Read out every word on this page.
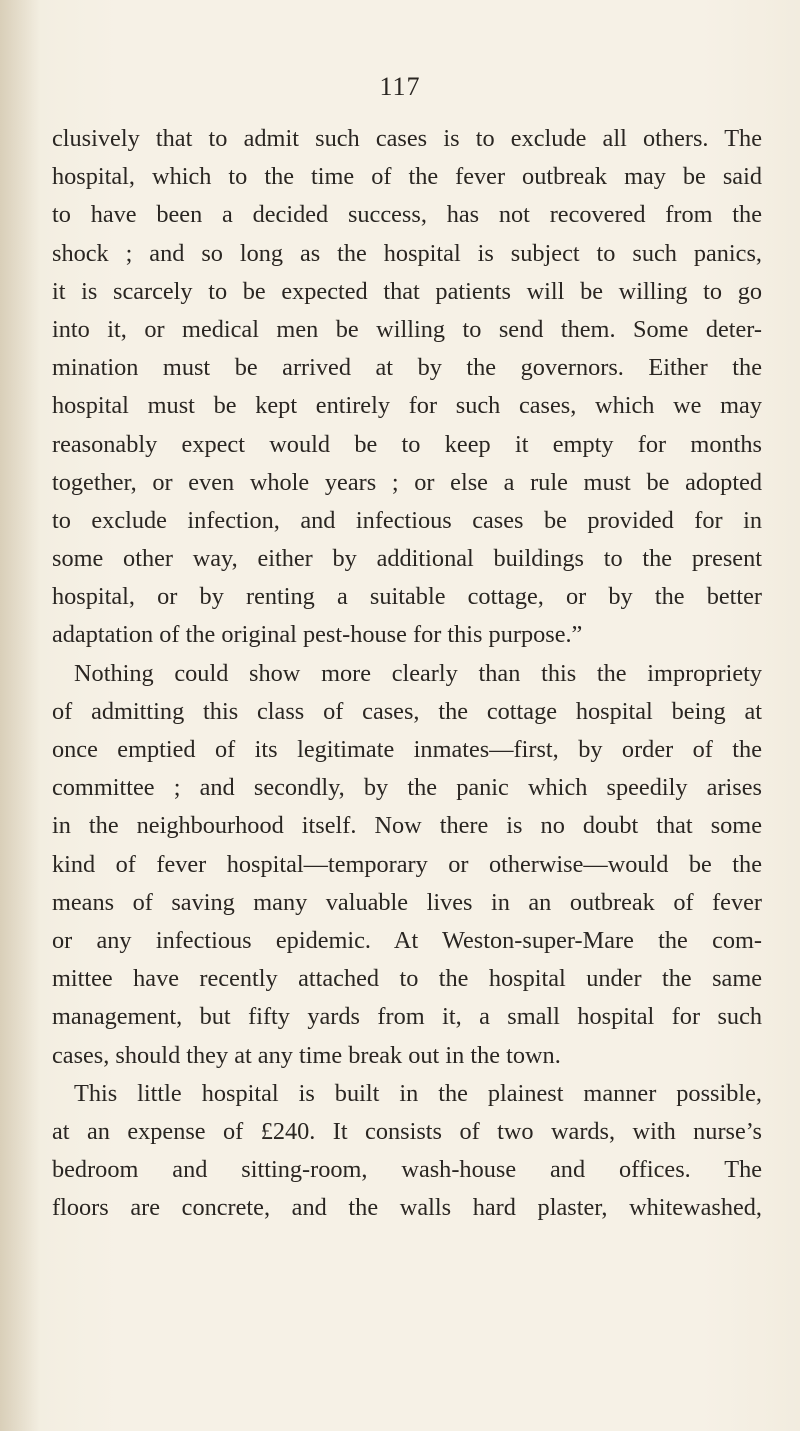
117
clusively that to admit such cases is to exclude all others. The
hospital, which to the time of the fever outbreak may be said
to have been a decided success, has not recovered from the
shock ; and so long as the hospital is subject to such panics,
it is scarcely to be expected that patients will be willing to go
into it, or medical men be willing to send them. Some deter-
mination must be arrived at by the governors. Either the
hospital must be kept entirely for such cases, which we may
reasonably expect would be to keep it empty for months
together, or even whole years ; or else a rule must be adopted
to exclude infection, and infectious cases be provided for in
some other way, either by additional buildings to the present
hospital, or by renting a suitable cottage, or by the better
adaptation of the original pest-house for this purpose.”
Nothing could show more clearly than this the impropriety
of admitting this class of cases, the cottage hospital being at
once emptied of its legitimate inmates—first, by order of the
committee ; and secondly, by the panic which speedily arises
in the neighbourhood itself. Now there is no doubt that some
kind of fever hospital—temporary or otherwise—would be the
means of saving many valuable lives in an outbreak of fever
or any infectious epidemic. At Weston-super-Mare the com-
mittee have recently attached to the hospital under the same
management, but fifty yards from it, a small hospital for such
cases, should they at any time break out in the town.
This little hospital is built in the plainest manner possible,
at an expense of £240. It consists of two wards, with nurse’s
bedroom and sitting-room, wash-house and offices. The
floors are concrete, and the walls hard plaster, whitewashed,
